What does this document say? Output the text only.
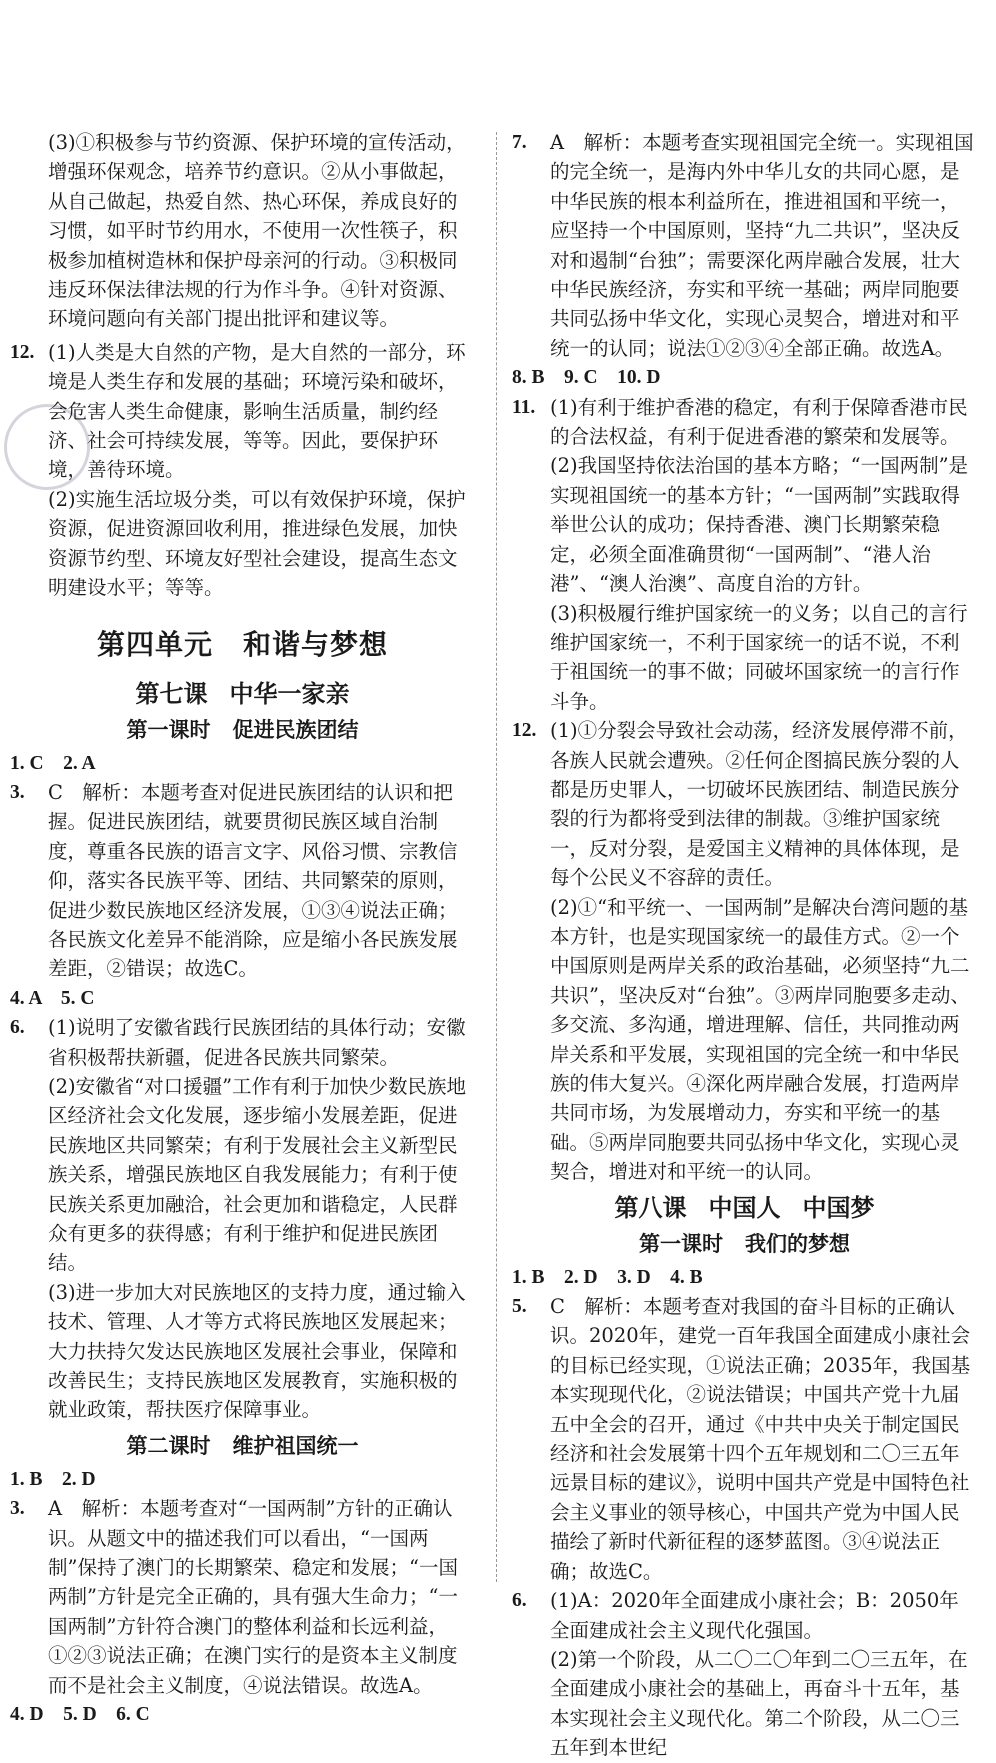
(3)①积极参与节约资源、保护环境的宣传活动，增强环保观念，培养节约意识。②从小事做起，从自己做起，热爱自然、热心环保，养成良好的习惯，如平时节约用水，不使用一次性筷子，积极参加植树造林和保护母亲河的行动。③积极同违反环保法律法规的行为作斗争。④针对资源、环境问题向有关部门提出批评和建议等。
12. (1)人类是大自然的产物，是大自然的一部分，环境是人类生存和发展的基础；环境污染和破坏，会危害人类生命健康，影响生活质量，制约经济、社会可持续发展，等等。因此，要保护环境，善待环境。

(2)实施生活垃圾分类，可以有效保护环境，保护资源，促进资源回收利用，推进绿色发展，加快资源节约型、环境友好型社会建设，提高生态文明建设水平；等等。

第四单元 和谐与梦想
第七课 中华一家亲
第一课时 促进民族团结
1. C　2. A
3.	C　解析：本题考查对促进民族团结的认识和把握。促进民族团结，就要贯彻民族区域自治制度，尊重各民族的语言文字、风俗习惯、宗教信仰，落实各民族平等、团结、共同繁荣的原则，促进少数民族地区经济发展，①③④说法正确；各民族文化差异不能消除，应是缩小各民族发展差距，②错误；故选C。
4. A　5. C
6.	(1)说明了安徽省践行民族团结的具体行动；安徽省积极帮扶新疆，促进各民族共同繁荣。

(2)安徽省“对口援疆”工作有利于加快少数民族地区经济社会文化发展，逐步缩小发展差距，促进民族地区共同繁荣；有利于发展社会主义新型民族关系，增强民族地区自我发展能力；有利于使民族关系更加融洽，社会更加和谐稳定，人民群众有更多的获得感；有利于维护和促进民族团结。

(3)进一步加大对民族地区的支持力度，通过输入技术、管理、人才等方式将民族地区发展起来；大力扶持欠发达民族地区发展社会事业，保障和改善民生；支持民族地区发展教育，实施积极的就业政策，帮扶医疗保障事业。

第二课时 维护祖国统一
1. B　2. D
3.	A　解析：本题考查对“一国两制”方针的正确认识。从题文中的描述我们可以看出，“一国两制”保持了澳门的长期繁荣、稳定和发展；“一国两制”方针是完全正确的，具有强大生命力；“一国两制”方针符合澳门的整体利益和长远利益，①②③说法正确；在澳门实行的是资本主义制度而不是社会主义制度，④说法错误。故选A。
4. D　5. D　6. C
7.	A　解析：本题考查实现祖国完全统一。实现祖国的完全统一，是海内外中华儿女的共同心愿，是中华民族的根本利益所在，推进祖国和平统一，应坚持一个中国原则，坚持“九二共识”，坚决反对和遏制“台独”；需要深化两岸融合发展，壮大中华民族经济，夯实和平统一基础；两岸同胞要共同弘扬中华文化，实现心灵契合，增进对和平统一的认同；说法①②③④全部正确。故选A。
8. B　9. C　10. D
11. (1)有利于维护香港的稳定，有利于保障香港市民的合法权益，有利于促进香港的繁荣和发展等。

(2)我国坚持依法治国的基本方略；“一国两制”是实现祖国统一的基本方针；“一国两制”实践取得举世公认的成功；保持香港、澳门长期繁荣稳定，必须全面准确贯彻“一国两制”、“港人治港”、“澳人治澳”、高度自治的方针。

(3)积极履行维护国家统一的义务；以自己的言行维护国家统一，不利于国家统一的话不说，不利于祖国统一的事不做；同破坏国家统一的言行作斗争。

12. (1)①分裂会导致社会动荡，经济发展停滞不前，各族人民就会遭殃。②任何企图搞民族分裂的人都是历史罪人，一切破坏民族团结、制造民族分裂的行为都将受到法律的制裁。③维护国家统一，反对分裂，是爱国主义精神的具体体现，是每个公民义不容辞的责任。

(2)①“和平统一、一国两制”是解决台湾问题的基本方针，也是实现国家统一的最佳方式。②一个中国原则是两岸关系的政治基础，必须坚持“九二共识”，坚决反对“台独”。③两岸同胞要多走动、多交流、多沟通，增进理解、信任，共同推动两岸关系和平发展，实现祖国的完全统一和中华民族的伟大复兴。④深化两岸融合发展，打造两岸共同市场，为发展增动力，夯实和平统一的基础。⑤两岸同胞要共同弘扬中华文化，实现心灵契合，增进对和平统一的认同。

第八课 中国人 中国梦
第一课时 我们的梦想
1. B　2. D　3. D　4. B
5.	C　解析：本题考查对我国的奋斗目标的正确认识。2020年，建党一百年我国全面建成小康社会的目标已经实现，①说法正确；2035年，我国基本实现现代化，②说法错误；中国共产党十九届五中全会的召开，通过《中共中央关于制定国民经济和社会发展第十四个五年规划和二〇三五年远景目标的建议》，说明中国共产党是中国特色社会主义事业的领导核心，中国共产党为中国人民描绘了新时代新征程的逐梦蓝图。③④说法正确；故选C。
6.	(1)A：2020年全面建成小康社会；B：2050年全面建成社会主义现代化强国。

(2)第一个阶段，从二〇二〇年到二〇三五年，在全面建成小康社会的基础上，再奋斗十五年，基本实现社会主义现代化。第二个阶段，从二〇三五年到本世纪
